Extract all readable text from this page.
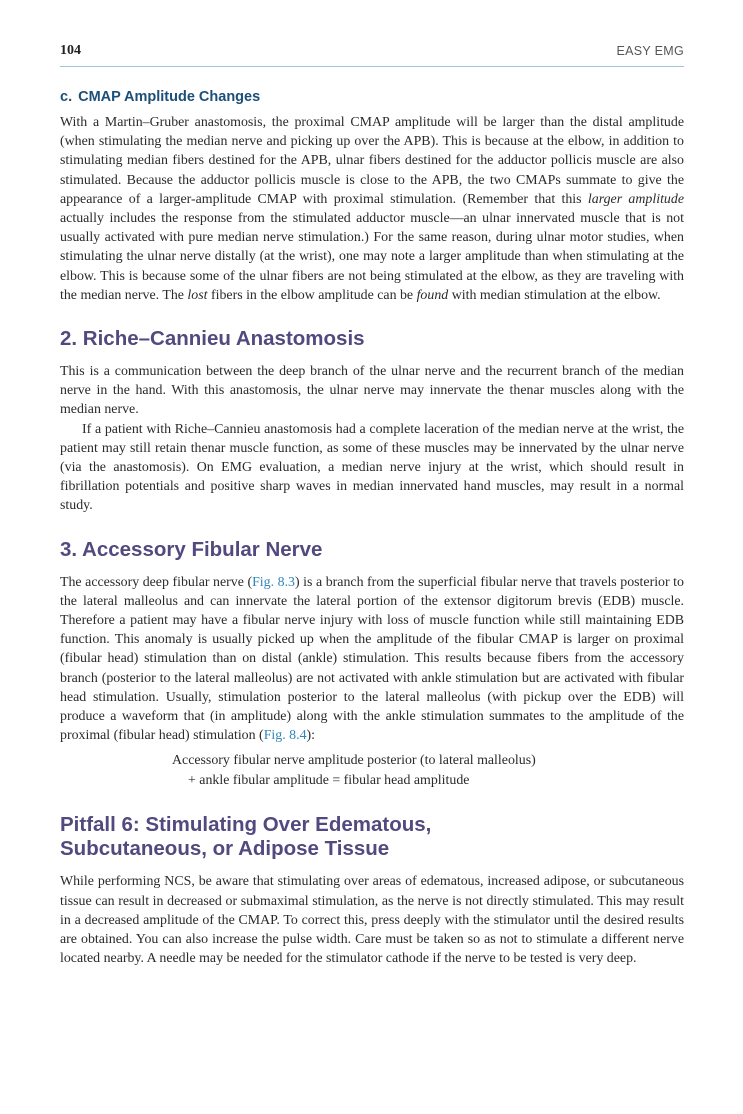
104	EASY EMG
c. CMAP Amplitude Changes

With a Martin–Gruber anastomosis, the proximal CMAP amplitude will be larger than the distal amplitude (when stimulating the median nerve and picking up over the APB). This is because at the elbow, in addition to stimulating median fibers destined for the APB, ulnar fibers destined for the adductor pollicis muscle are also stimulated. Because the adductor pollicis muscle is close to the APB, the two CMAPs summate to give the appearance of a larger-amplitude CMAP with proximal stimulation. (Remember that this larger amplitude actually includes the response from the stimulated adductor muscle—an ulnar innervated muscle that is not usually activated with pure median nerve stimulation.) For the same reason, during ulnar motor studies, when stimulating the ulnar nerve distally (at the wrist), one may note a larger amplitude than when stimulating at the elbow. This is because some of the ulnar fibers are not being stimulated at the elbow, as they are traveling with the median nerve. The lost fibers in the elbow amplitude can be found with median stimulation at the elbow.

2. Riche–Cannieu Anastomosis

This is a communication between the deep branch of the ulnar nerve and the recurrent branch of the median nerve in the hand. With this anastomosis, the ulnar nerve may innervate the thenar muscles along with the median nerve.

If a patient with Riche–Cannieu anastomosis had a complete laceration of the median nerve at the wrist, the patient may still retain thenar muscle function, as some of these muscles may be innervated by the ulnar nerve (via the anastomosis). On EMG evaluation, a median nerve injury at the wrist, which should result in fibrillation potentials and positive sharp waves in median innervated hand muscles, may result in a normal study.

3. Accessory Fibular Nerve

The accessory deep fibular nerve (Fig. 8.3) is a branch from the superficial fibular nerve that travels posterior to the lateral malleolus and can innervate the lateral portion of the extensor digitorum brevis (EDB) muscle. Therefore a patient may have a fibular nerve injury with loss of muscle function while still maintaining EDB function. This anomaly is usually picked up when the amplitude of the fibular CMAP is larger on proximal (fibular head) stimulation than on distal (ankle) stimulation. This results because fibers from the accessory branch (posterior to the lateral malleolus) are not activated with ankle stimulation but are activated with fibular head stimulation. Usually, stimulation posterior to the lateral malleolus (with pickup over the EDB) will produce a waveform that (in amplitude) along with the ankle stimulation summates to the amplitude of the proximal (fibular head) stimulation (Fig. 8.4):

Accessory fibular nerve amplitude posterior (to lateral malleolus)
+ ankle fibular amplitude = fibular head amplitude
Pitfall 6: Stimulating Over Edematous,
Subcutaneous, or Adipose Tissue

While performing NCS, be aware that stimulating over areas of edematous, increased adipose, or subcutaneous tissue can result in decreased or submaximal stimulation, as the nerve is not directly stimulated. This may result in a decreased amplitude of the CMAP. To correct this, press deeply with the stimulator until the desired results are obtained. You can also increase the pulse width. Care must be taken so as not to stimulate a different nerve located nearby. A needle may be needed for the stimulator cathode if the nerve to be tested is very deep.
